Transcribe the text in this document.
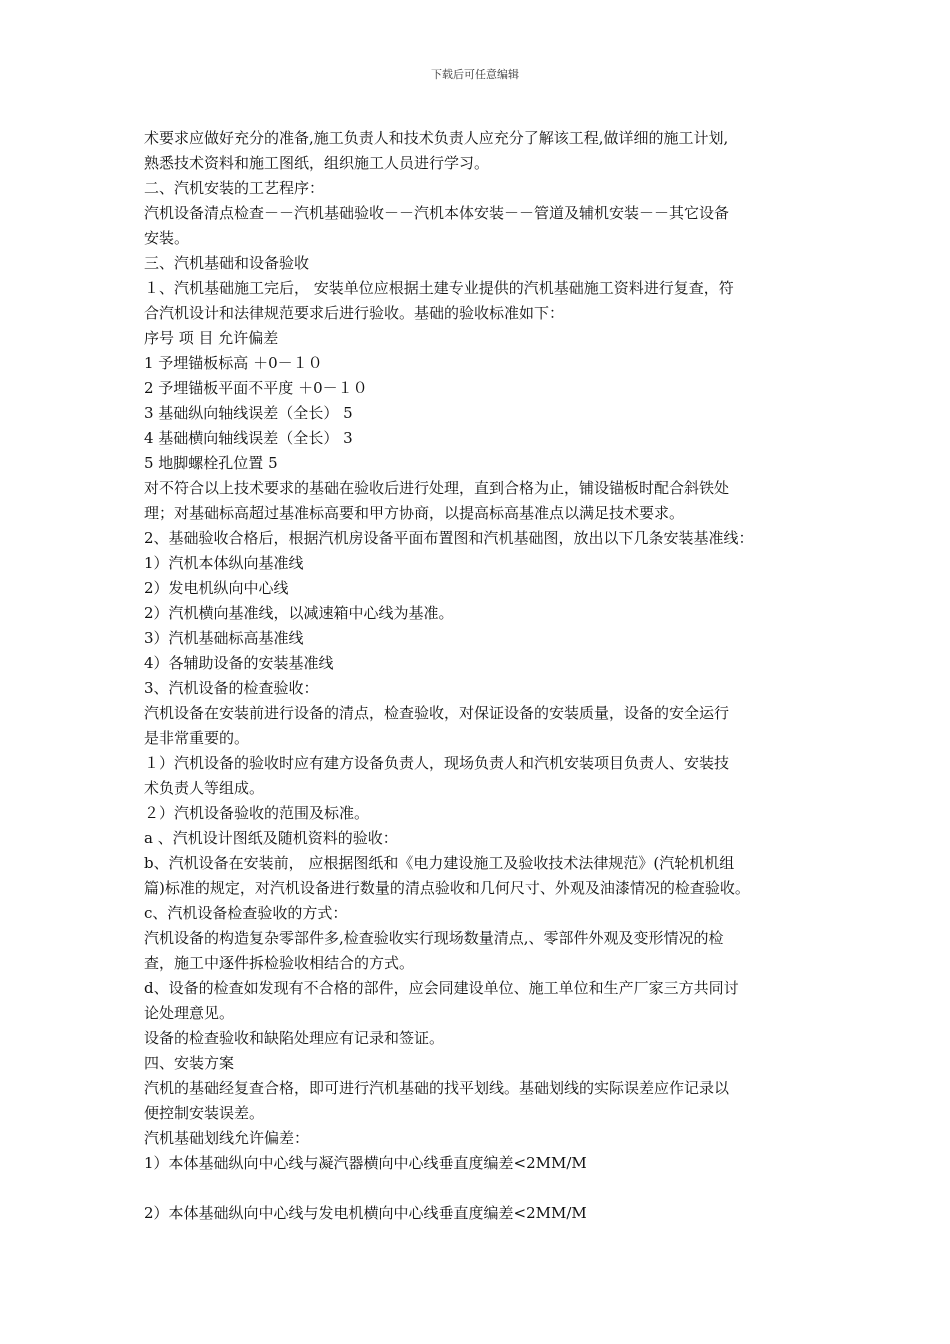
下载后可任意编辑
术要求应做好充分的准备,施工负责人和技术负责人应充分了解该工程,做详细的施工计划,
熟悉技术资料和施工图纸，组织施工人员进行学习。
二、汽机安装的工艺程序：
汽机设备清点检查－－汽机基础验收－－汽机本体安装－－管道及辅机安装－－其它设备
安装。
三、汽机基础和设备验收
１、汽机基础施工完后， 安装单位应根据土建专业提供的汽机基础施工资料进行复查，符
合汽机设计和法律规范要求后进行验收。基础的验收标准如下：
序号 项 目 允许偏差
1 予埋锚板标高 ＋0－１０
2 予埋锚板平面不平度 ＋0－１０
3 基础纵向轴线误差（全长） 5
4 基础横向轴线误差（全长） 3
5 地脚螺栓孔位置 5
对不符合以上技术要求的基础在验收后进行处理，直到合格为止，铺设锚板时配合斜铁处
理；对基础标高超过基准标高要和甲方协商，以提高标高基准点以满足技术要求。
2、基础验收合格后，根据汽机房设备平面布置图和汽机基础图，放出以下几条安装基准线：
1）汽机本体纵向基准线
2）发电机纵向中心线
2）汽机横向基准线，以减速箱中心线为基准。
3）汽机基础标高基准线
4）各辅助设备的安装基准线
3、汽机设备的检查验收：
汽机设备在安装前进行设备的清点，检查验收，对保证设备的安装质量，设备的安全运行
是非常重要的。
１）汽机设备的验收时应有建方设备负责人，现场负责人和汽机安装项目负责人、安装技
术负责人等组成。
２）汽机设备验收的范围及标准。
a 、汽机设计图纸及随机资料的验收：
b、汽机设备在安装前， 应根据图纸和《电力建设施工及验收技术法律规范》(汽轮机机组
篇)标准的规定，对汽机设备进行数量的清点验收和几何尺寸、外观及油漆情况的检查验收。
c、汽机设备检查验收的方式：
汽机设备的构造复杂零部件多,检查验收实行现场数量清点,、零部件外观及变形情况的检
查，施工中逐件拆检验收相结合的方式。
d、设备的检查如发现有不合格的部件，应会同建设单位、施工单位和生产厂家三方共同讨
论处理意见。
设备的检查验收和缺陷处理应有记录和签证。
四、安装方案
汽机的基础经复查合格，即可进行汽机基础的找平划线。基础划线的实际误差应作记录以
便控制安装误差。
汽机基础划线允许偏差：
1）本体基础纵向中心线与凝汽器横向中心线垂直度编差<2MM/M
2）本体基础纵向中心线与发电机横向中心线垂直度编差<2MM/M
